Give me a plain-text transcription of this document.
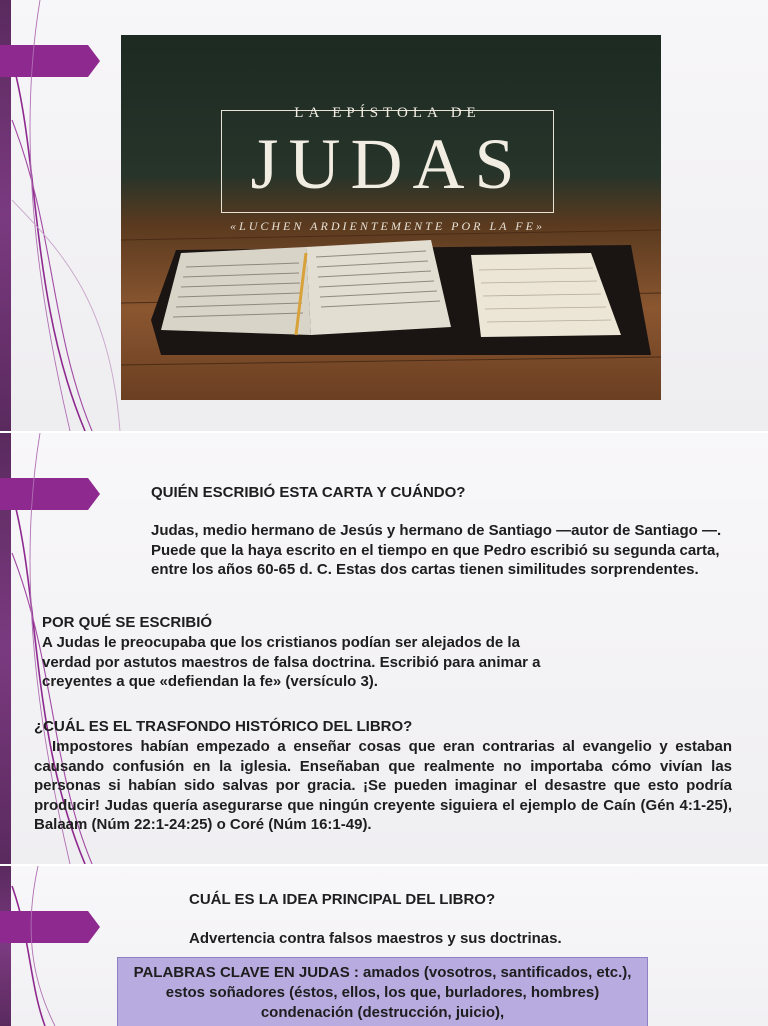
LA EPÍSTOLA DE
JUDAS
«LUCHEN ARDIENTEMENTE POR LA FE»
QUIÉN ESCRIBIÓ ESTA CARTA Y CUÁNDO?
Judas, medio hermano de Jesús y hermano de Santiago —autor de Santiago —. Puede que la haya escrito en el tiempo en que Pedro escribió su segunda carta, entre los años 60-65 d. C. Estas dos cartas tienen similitudes sorprendentes.
POR QUÉ SE ESCRIBIÓ
A Judas le preocupaba que los cristianos podían ser alejados de la verdad por astutos maestros de falsa doctrina. Escribió para animar a creyentes a que «defiendan la fe» (versículo 3).
¿CUÁL ES EL TRASFONDO HISTÓRICO DEL LIBRO?
Impostores habían empezado a enseñar cosas que eran contrarias al evangelio y estaban causando confusión en la iglesia. Enseñaban que realmente no importaba cómo vivían las personas si habían sido salvas por gracia. ¡Se pueden imaginar el desastre que esto podría producir! Judas quería asegurarse que ningún creyente siguiera el ejemplo de Caín (Gén 4:1-25), Balaam (Núm 22:1-24:25) o Coré (Núm 16:1-49).
CUÁL ES LA IDEA PRINCIPAL DEL LIBRO?
Advertencia contra falsos maestros y sus doctrinas.
PALABRAS CLAVE EN JUDAS : amados (vosotros, santificados, etc.), estos soñadores (éstos, ellos, los que, burladores, hombres) condenación (destrucción, juicio),
